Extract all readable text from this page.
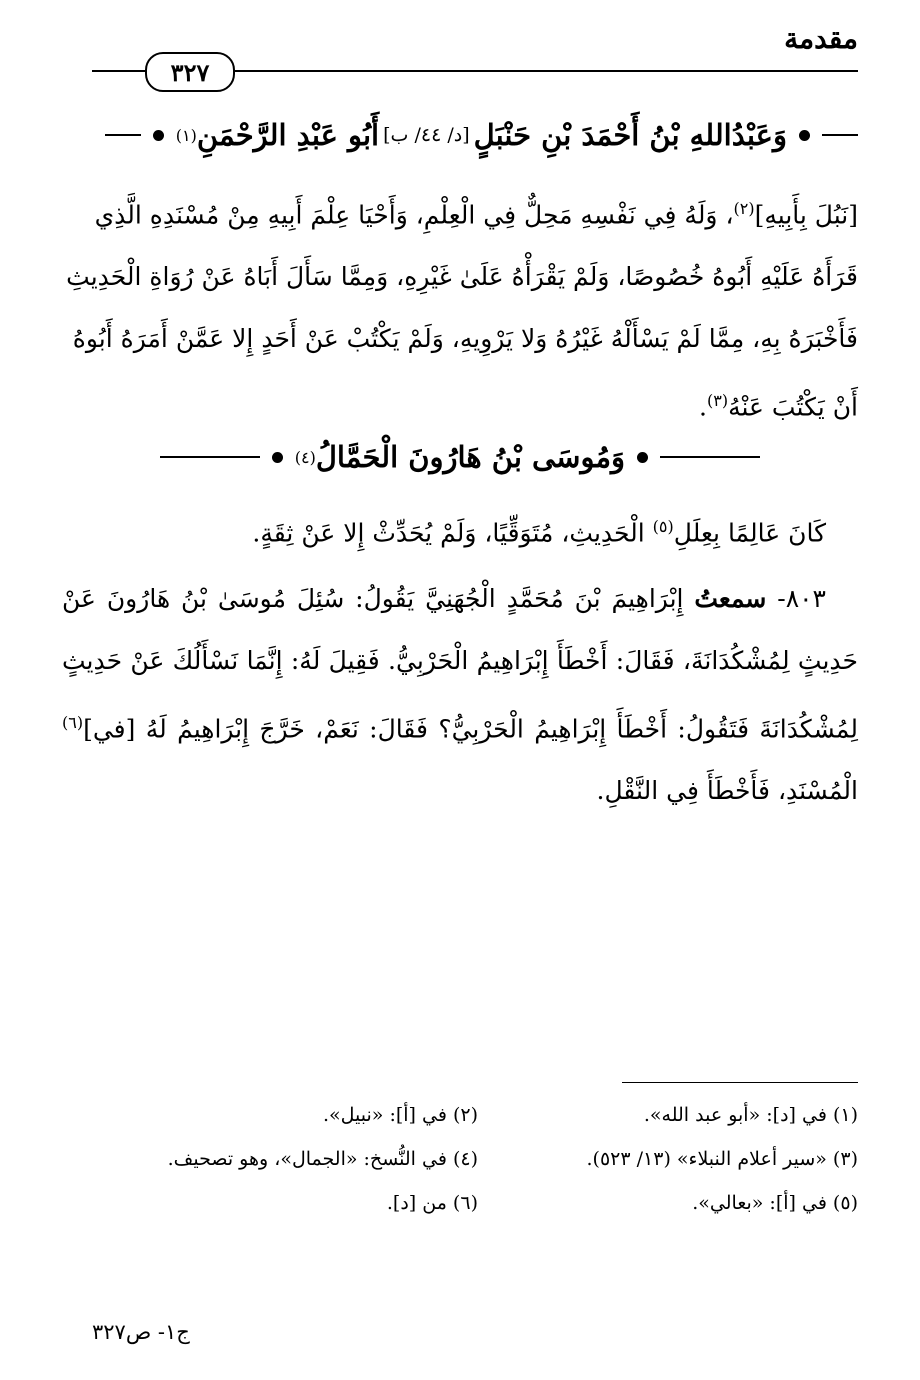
مقدمة
٣٢٧
وَعَبْدُاللهِ بْنُ أَحْمَدَ بْنِ حَنْبَلٍ
[د/ ٤٤/ ب]
أَبُو عَبْدِ الرَّحْمَنِ
(١)
[نَبُلَ بِأَبِيهِ]$^{(٢)}$، وَلَهُ فِي نَفْسِهِ مَحِلٌّ فِي الْعِلْمِ، وَأَحْيَا عِلْمَ أَبِيهِ مِنْ مُسْنَدِهِ الَّذِي
قَرَأَهُ عَلَيْهِ أَبُوهُ خُصُوصًا، وَلَمْ يَقْرَأْهُ عَلَىٰ غَيْرِهِ، وَمِمَّا سَأَلَ أَبَاهُ عَنْ رُوَاةِ الْحَدِيثِ
فَأَخْبَرَهُ بِهِ، مِمَّا لَمْ يَسْأَلْهُ غَيْرُهُ وَلا يَرْوِيهِ، وَلَمْ يَكْتُبْ عَنْ أَحَدٍ إِلا عَمَّنْ أَمَرَهُ أَبُوهُ
أَنْ يَكْتُبَ عَنْهُ$^{(٣)}$.
وَمُوسَى بْنُ هَارُونَ الْحَمَّالُ
(٤)
كَانَ عَالِمًا بِعِلَلِ$^{(٥)}$ الْحَدِيثِ، مُتَوَقِّيًا، وَلَمْ يُحَدِّثْ إِلا عَنْ ثِقَةٍ.
٨٠٣- سمعتُ إِبْرَاهِيمَ بْنَ مُحَمَّدٍ الْجُهَنِيَّ يَقُولُ: سُئِلَ مُوسَىٰ بْنُ هَارُونَ عَنْ حَدِيثٍ لِمُشْكُدَانَةَ، فَقَالَ: أَخْطَأَ إِبْرَاهِيمُ الْحَرْبِيُّ. فَقِيلَ لَهُ: إِنَّمَا نَسْأَلُكَ عَنْ حَدِيثٍ لِمُشْكُدَانَةَ فَتَقُولُ: أَخْطَأَ إِبْرَاهِيمُ الْحَرْبِيُّ؟ فَقَالَ: نَعَمْ، خَرَّجَ إِبْرَاهِيمُ لَهُ [في]$^{(٦)}$ الْمُسْنَدِ، فَأَخْطَأَ فِي النَّقْلِ.
(١) في [د]: «أبو عبد الله».
(٢) في [أ]: «نبيل».
(٣) «سير أعلام النبلاء» (١٣/ ٥٢٣).
(٤) في النُّسخ: «الجمال»، وهو تصحيف.
(٥) في [أ]: «بعالي».
(٦) من [د].
ج١- ص٣٢٧
